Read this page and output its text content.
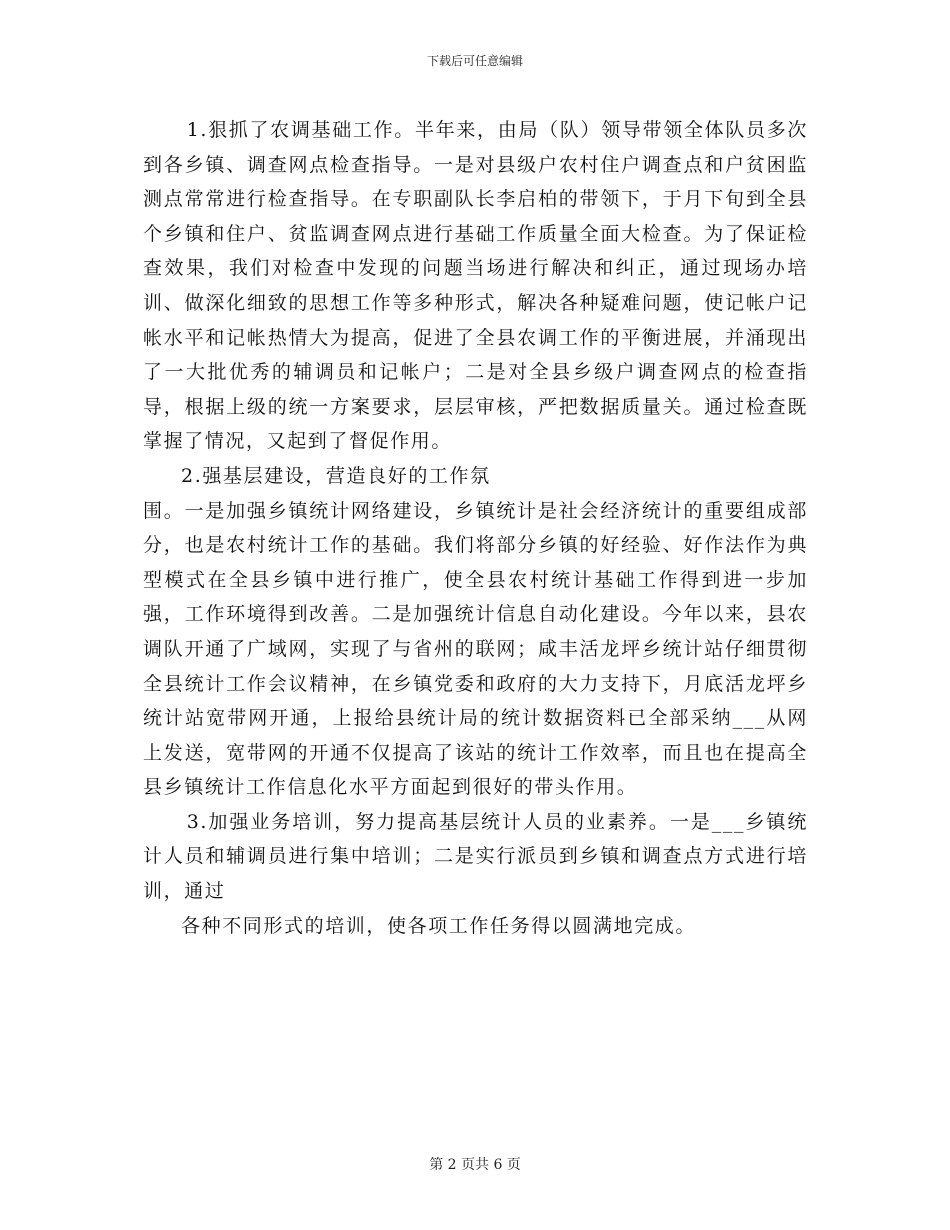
下载后可任意编辑

1.狠抓了农调基础工作。半年来，由局（队）领导带领全体队员多次到各乡镇、调查网点检查指导。一是对县级户农村住户调查点和户贫困监测点常常进行检查指导。在专职副队长李启柏的带领下，于月下旬到全县个乡镇和住户、贫监调查网点进行基础工作质量全面大检查。为了保证检查效果，我们对检查中发现的问题当场进行解决和纠正，通过现场办培训、做深化细致的思想工作等多种形式，解决各种疑难问题，使记帐户记帐水平和记帐热情大为提高，促进了全县农调工作的平衡进展，并涌现出了一大批优秀的辅调员和记帐户；二是对全县乡级户调查网点的检查指导，根据上级的统一方案要求，层层审核，严把数据质量关。通过检查既掌握了情况，又起到了督促作用。

2.强基层建设，营造良好的工作氛

围。一是加强乡镇统计网络建设，乡镇统计是社会经济统计的重要组成部分，也是农村统计工作的基础。我们将部分乡镇的好经验、好作法作为典型模式在全县乡镇中进行推广，使全县农村统计基础工作得到进一步加强，工作环境得到改善。二是加强统计信息自动化建设。今年以来，县农调队开通了广域网，实现了与省州的联网；咸丰活龙坪乡统计站仔细贯彻全县统计工作会议精神，在乡镇党委和政府的大力支持下，月底活龙坪乡统计站宽带网开通，上报给县统计局的统计数据资料已全部采纳___从网上发送，宽带网的开通不仅提高了该站的统计工作效率，而且也在提高全县乡镇统计工作信息化水平方面起到很好的带头作用。

3.加强业务培训，努力提高基层统计人员的业素养。一是___乡镇统计人员和辅调员进行集中培训；二是实行派员到乡镇和调查点方式进行培训，通过

各种不同形式的培训，使各项工作任务得以圆满地完成。

第 2 页共 6 页
